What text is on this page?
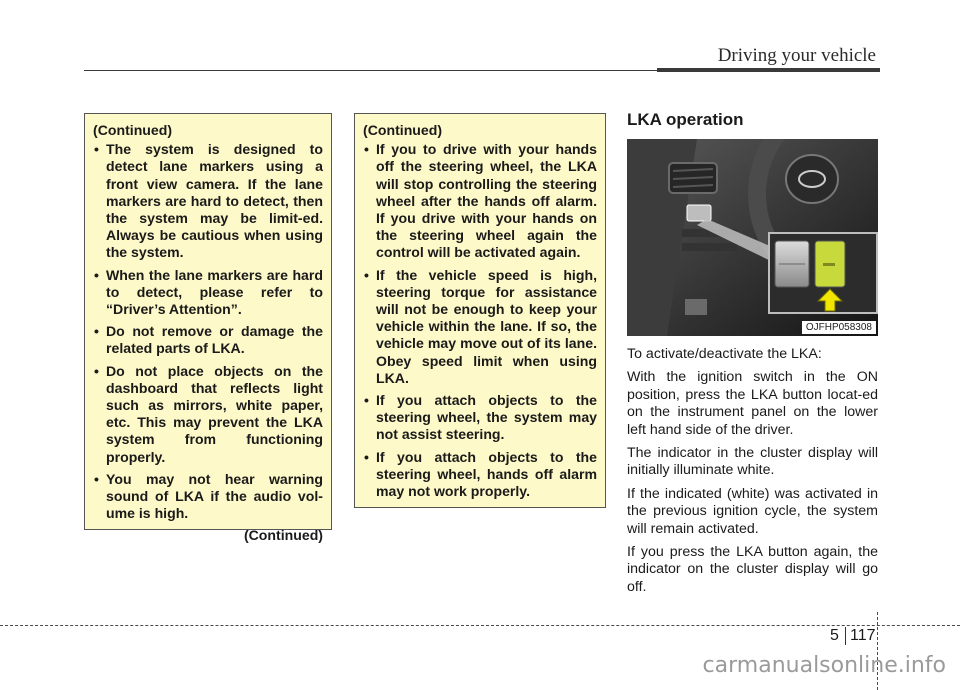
Driving your vehicle
(Continued)
• The system is designed to detect lane markers using a front view camera. If the lane markers are hard to detect, then the system may be limit-ed. Always be cautious when using the system.
• When the lane markers are hard to detect, please refer to “Driver’s Attention”.
• Do not remove or damage the related parts of LKA.
• Do not place objects on the dashboard that reflects light such as mirrors, white paper, etc. This may prevent the LKA system from functioning properly.
• You may not hear warning sound of LKA if the audio vol-ume is high.
(Continued)
(Continued)
• If you to drive with your hands off the steering wheel, the LKA will stop controlling the steering wheel after the hands off alarm. If you drive with your hands on the steering wheel again the control will be activated again.
• If the vehicle speed is high, steering torque for assistance will not be enough to keep your vehicle within the lane. If so, the vehicle may move out of its lane. Obey speed limit when using LKA.
• If you attach objects to the steering wheel, the system may not assist steering.
• If you attach objects to the steering wheel, hands off alarm may not work properly.
LKA operation
OJFHP058308

To activate/deactivate the LKA:

With the ignition switch in the ON position, press the LKA button locat-ed on the instrument panel on the lower left hand side of the driver.

The indicator in the cluster display will initially illuminate white.

If the indicated (white) was activated in the previous ignition cycle, the system will remain activated.

If you press the LKA button again, the indicator on the cluster display will go off.

5 117
carmanualsonline.info
